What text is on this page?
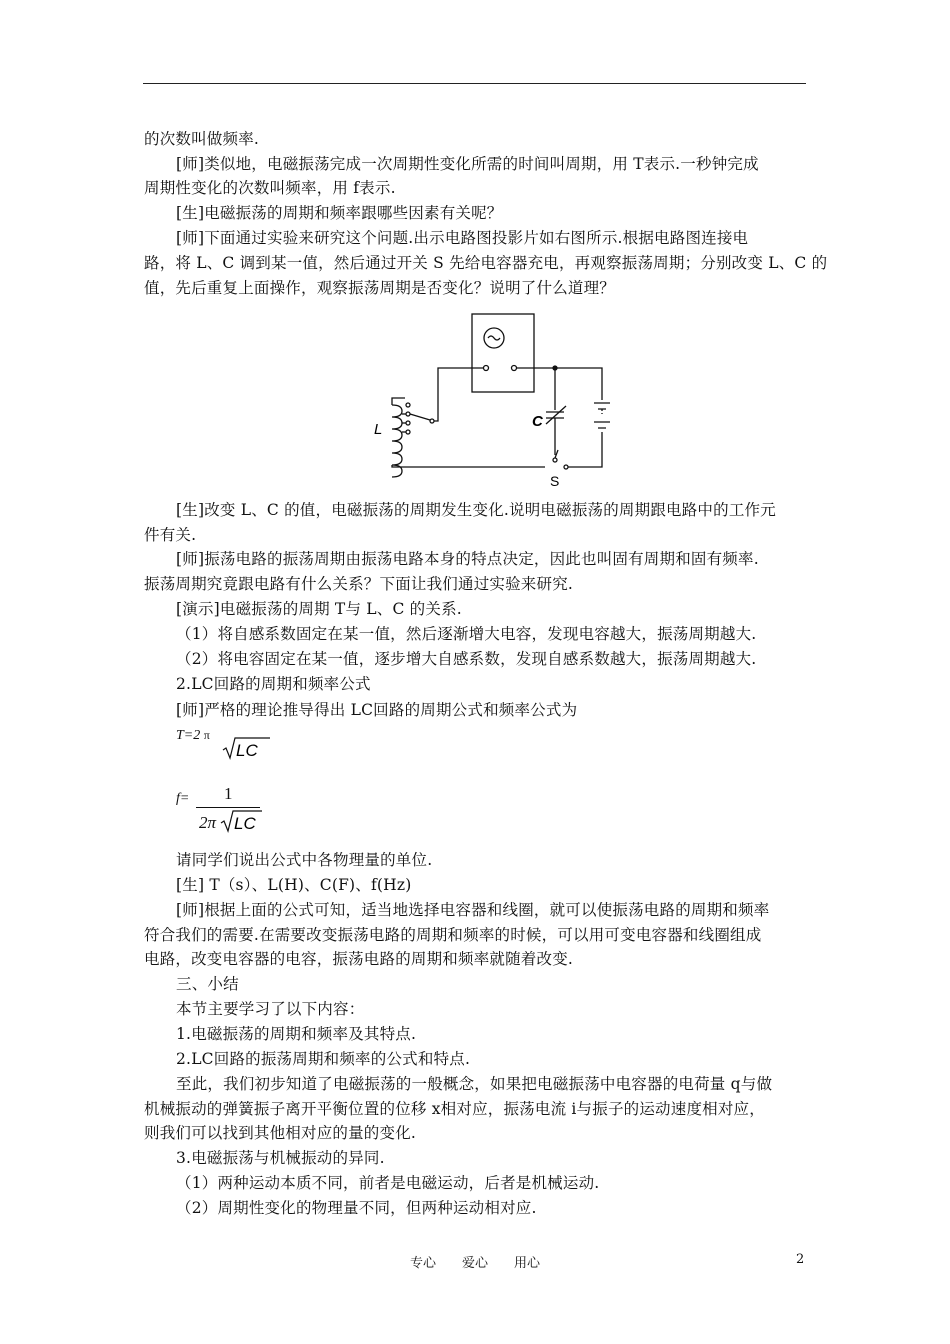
的次数叫做频率.
[师]类似地，电磁振荡完成一次周期性变化所需的时间叫周期，用 T表示.一秒钟完成
周期性变化的次数叫频率，用 f表示.
[生]电磁振荡的周期和频率跟哪些因素有关呢？
[师]下面通过实验来研究这个问题.出示电路图投影片如右图所示.根据电路图连接电
路，将 L、C 调到某一值，然后通过开关 S 先给电容器充电，再观察振荡周期；分别改变 L、C 的
值，先后重复上面操作，观察振荡周期是否变化？说明了什么道理？
L	C
S
[生]改变 L、C 的值，电磁振荡的周期发生变化.说明电磁振荡的周期跟电路中的工作元
件有关.
[师]振荡电路的振荡周期由振荡电路本身的特点决定，因此也叫固有周期和固有频率.
振荡周期究竟跟电路有什么关系？下面让我们通过实验来研究.
[演示]电磁振荡的周期 T与 L、C 的关系.
（1）将自感系数固定在某一值，然后逐渐增大电容，发现电容越大，振荡周期越大.
（2）将电容固定在某一值，逐步增大自感系数，发现自感系数越大，振荡周期越大.
2.LC回路的周期和频率公式
[师]严格的理论推导得出 LC回路的周期公式和频率公式为
T=2 π
LC
f= 1
2π LC
请同学们说出公式中各物理量的单位.
[生] T（s）、L(H)、C(F)、f(Hz)
[师]根据上面的公式可知，适当地选择电容器和线圈，就可以使振荡电路的周期和频率
符合我们的需要.在需要改变振荡电路的周期和频率的时候，可以用可变电容器和线圈组成
电路，改变电容器的电容，振荡电路的周期和频率就随着改变.
三、小结
本节主要学习了以下内容：
1.电磁振荡的周期和频率及其特点.
2.LC回路的振荡周期和频率的公式和特点.
至此，我们初步知道了电磁振荡的一般概念，如果把电磁振荡中电容器的电荷量 q与做
机械振动的弹簧振子离开平衡位置的位移 x相对应，振荡电流 i与振子的运动速度相对应，
则我们可以找到其他相对应的量的变化.
3.电磁振荡与机械振动的异同.
（1）两种运动本质不同，前者是电磁运动，后者是机械运动.
（2）周期性变化的物理量不同，但两种运动相对应.
专心　　爱心　　用心	2
